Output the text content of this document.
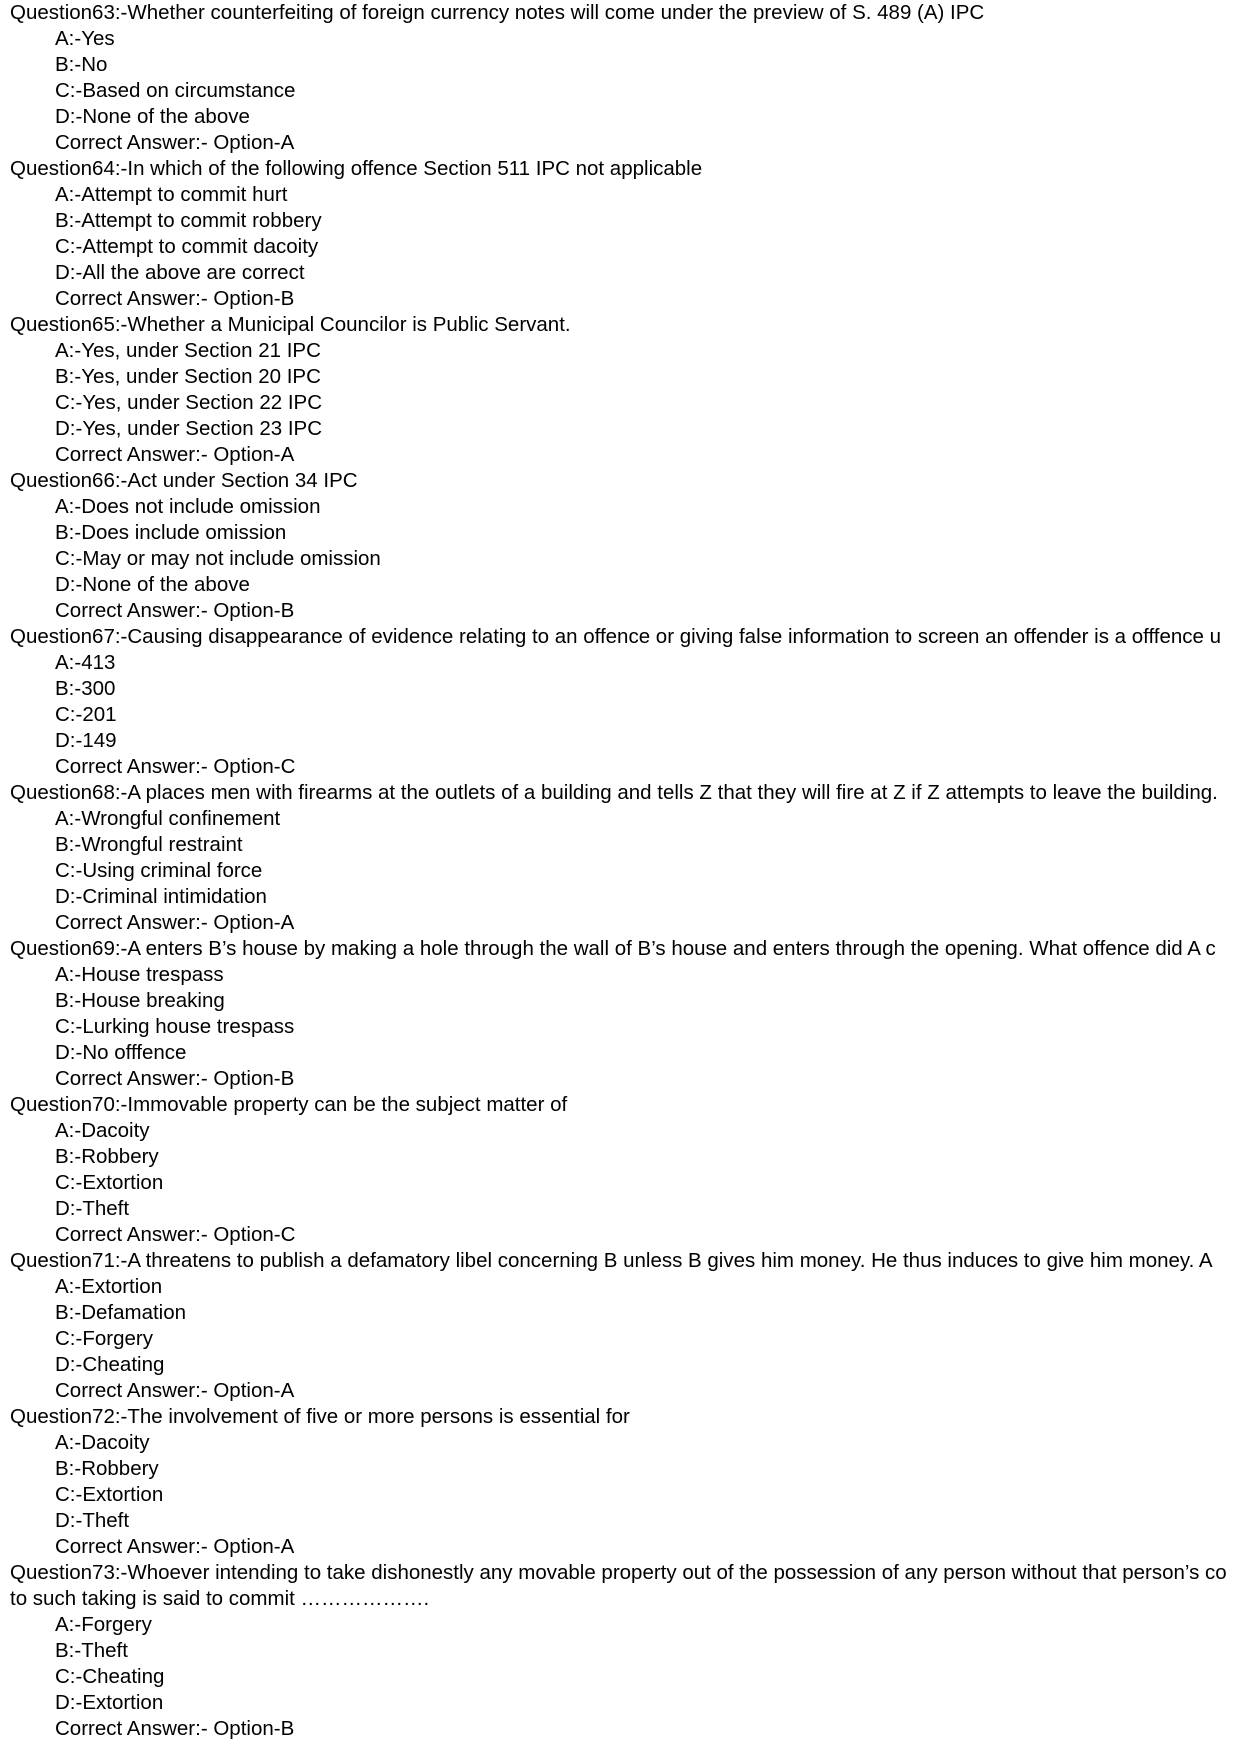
Question63:-Whether counterfeiting of foreign currency notes will come under the preview of S. 489 (A) IPC
A:-Yes
B:-No
C:-Based on circumstance
D:-None of the above
Correct Answer:- Option-A
Question64:-In which of the following offence Section 511 IPC not applicable
A:-Attempt to commit hurt
B:-Attempt to commit robbery
C:-Attempt to commit dacoity
D:-All the above are correct
Correct Answer:- Option-B
Question65:-Whether a Municipal Councilor is Public Servant.
A:-Yes, under Section 21 IPC
B:-Yes, under Section 20 IPC
C:-Yes, under Section 22 IPC
D:-Yes, under Section 23 IPC
Correct Answer:- Option-A
Question66:-Act under Section 34 IPC
A:-Does not include omission
B:-Does include omission
C:-May or may not include omission
D:-None of the above
Correct Answer:- Option-B
Question67:-Causing disappearance of evidence relating to an offence or giving false information to screen an offender is a offfence u
A:-413
B:-300
C:-201
D:-149
Correct Answer:- Option-C
Question68:-A places men with firearms at the outlets of a building and tells Z that they will fire at Z if Z attempts to leave the building.
A:-Wrongful confinement
B:-Wrongful restraint
C:-Using criminal force
D:-Criminal intimidation
Correct Answer:- Option-A
Question69:-A enters B’s house by making a hole through the wall of B’s house and enters through the opening. What offence did A c
A:-House trespass
B:-House breaking
C:-Lurking house trespass
D:-No offfence
Correct Answer:- Option-B
Question70:-Immovable property can be the subject matter of
A:-Dacoity
B:-Robbery
C:-Extortion
D:-Theft
Correct Answer:- Option-C
Question71:-A threatens to publish a defamatory libel concerning B unless B gives him money. He thus induces to give him money. A
A:-Extortion
B:-Defamation
C:-Forgery
D:-Cheating
Correct Answer:- Option-A
Question72:-The involvement of five or more persons is essential for
A:-Dacoity
B:-Robbery
C:-Extortion
D:-Theft
Correct Answer:- Option-A
Question73:-Whoever intending to take dishonestly any movable property out of the possession of any person without that person’s co
to such taking is said to commit ……………….
A:-Forgery
B:-Theft
C:-Cheating
D:-Extortion
Correct Answer:- Option-B
